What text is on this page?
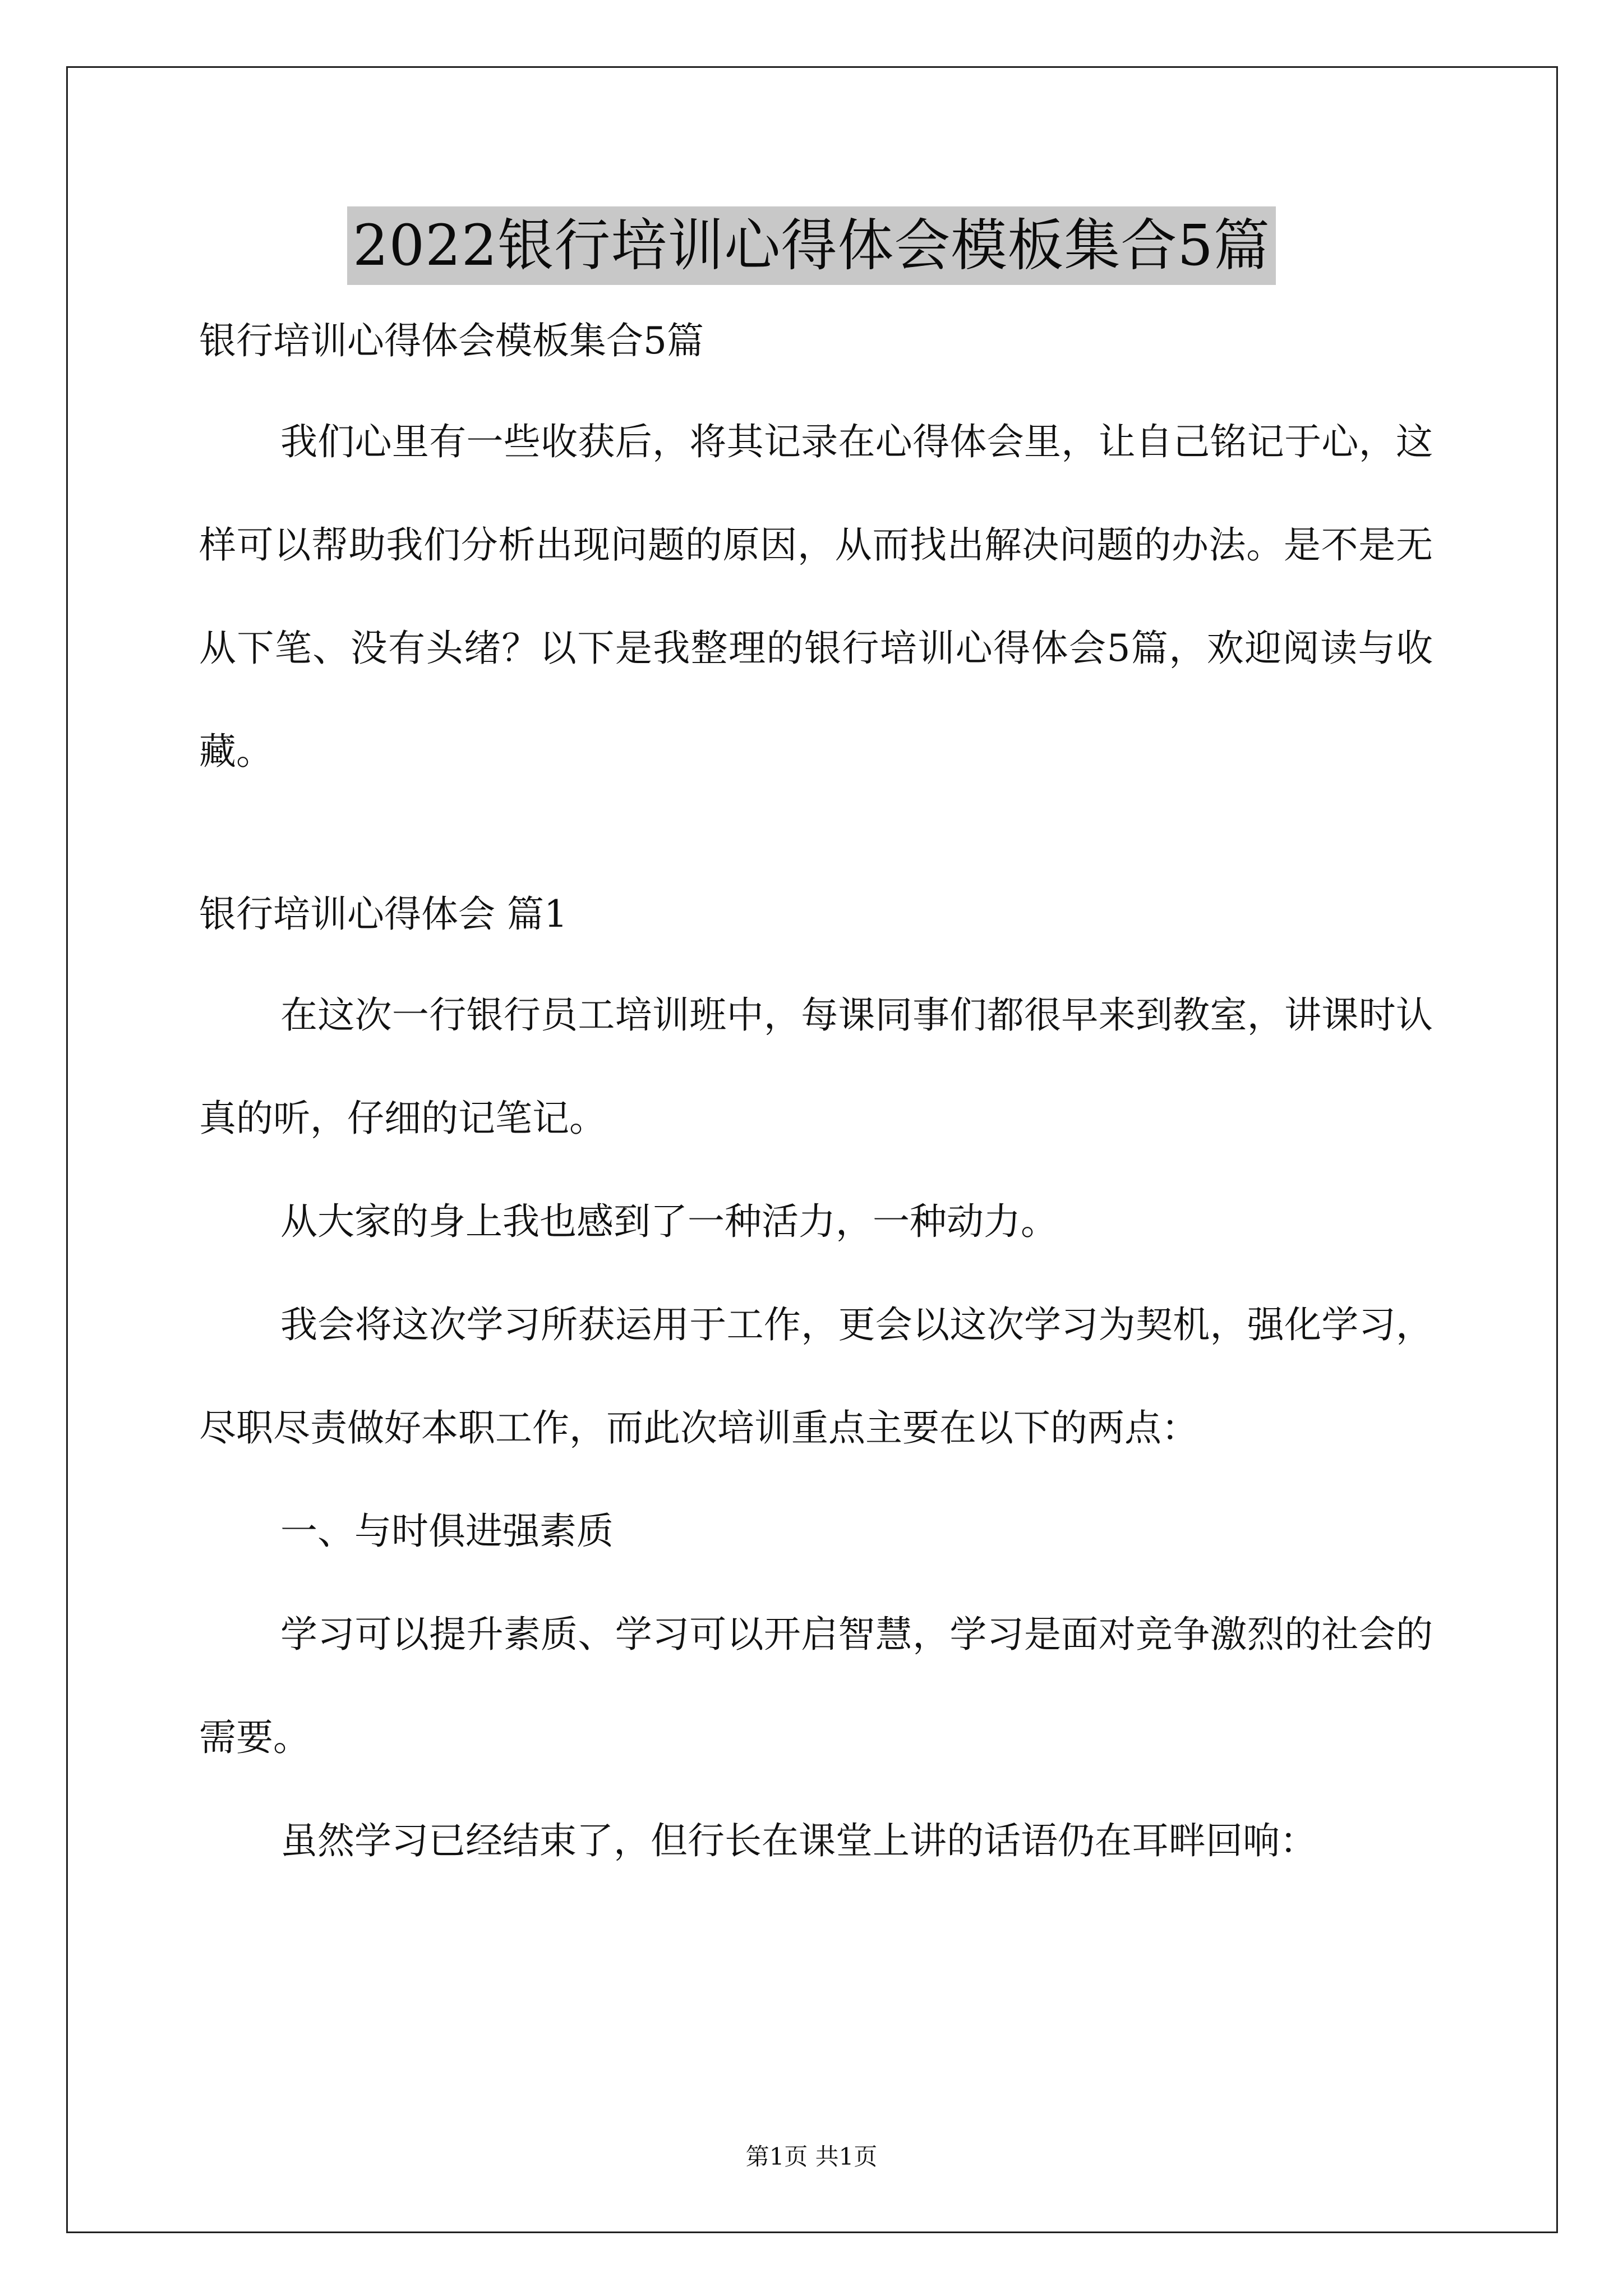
2022银行培训心得体会模板集合5篇

银行培训心得体会模板集合5篇

我们心里有一些收获后，将其记录在心得体会里，让自己铭记于心，这样可以帮助我们分析出现问题的原因，从而找出解决问题的办法。是不是无从下笔、没有头绪？以下是我整理的银行培训心得体会5篇，欢迎阅读与收藏。

银行培训心得体会 篇1

在这次一行银行员工培训班中，每课同事们都很早来到教室，讲课时认真的听，仔细的记笔记。

从大家的身上我也感到了一种活力，一种动力。

我会将这次学习所获运用于工作，更会以这次学习为契机，强化学习，尽职尽责做好本职工作，而此次培训重点主要在以下的两点：

一、与时俱进强素质

学习可以提升素质、学习可以开启智慧，学习是面对竞争激烈的社会的需要。

虽然学习已经结束了，但行长在课堂上讲的话语仍在耳畔回响：

第1页 共1页
